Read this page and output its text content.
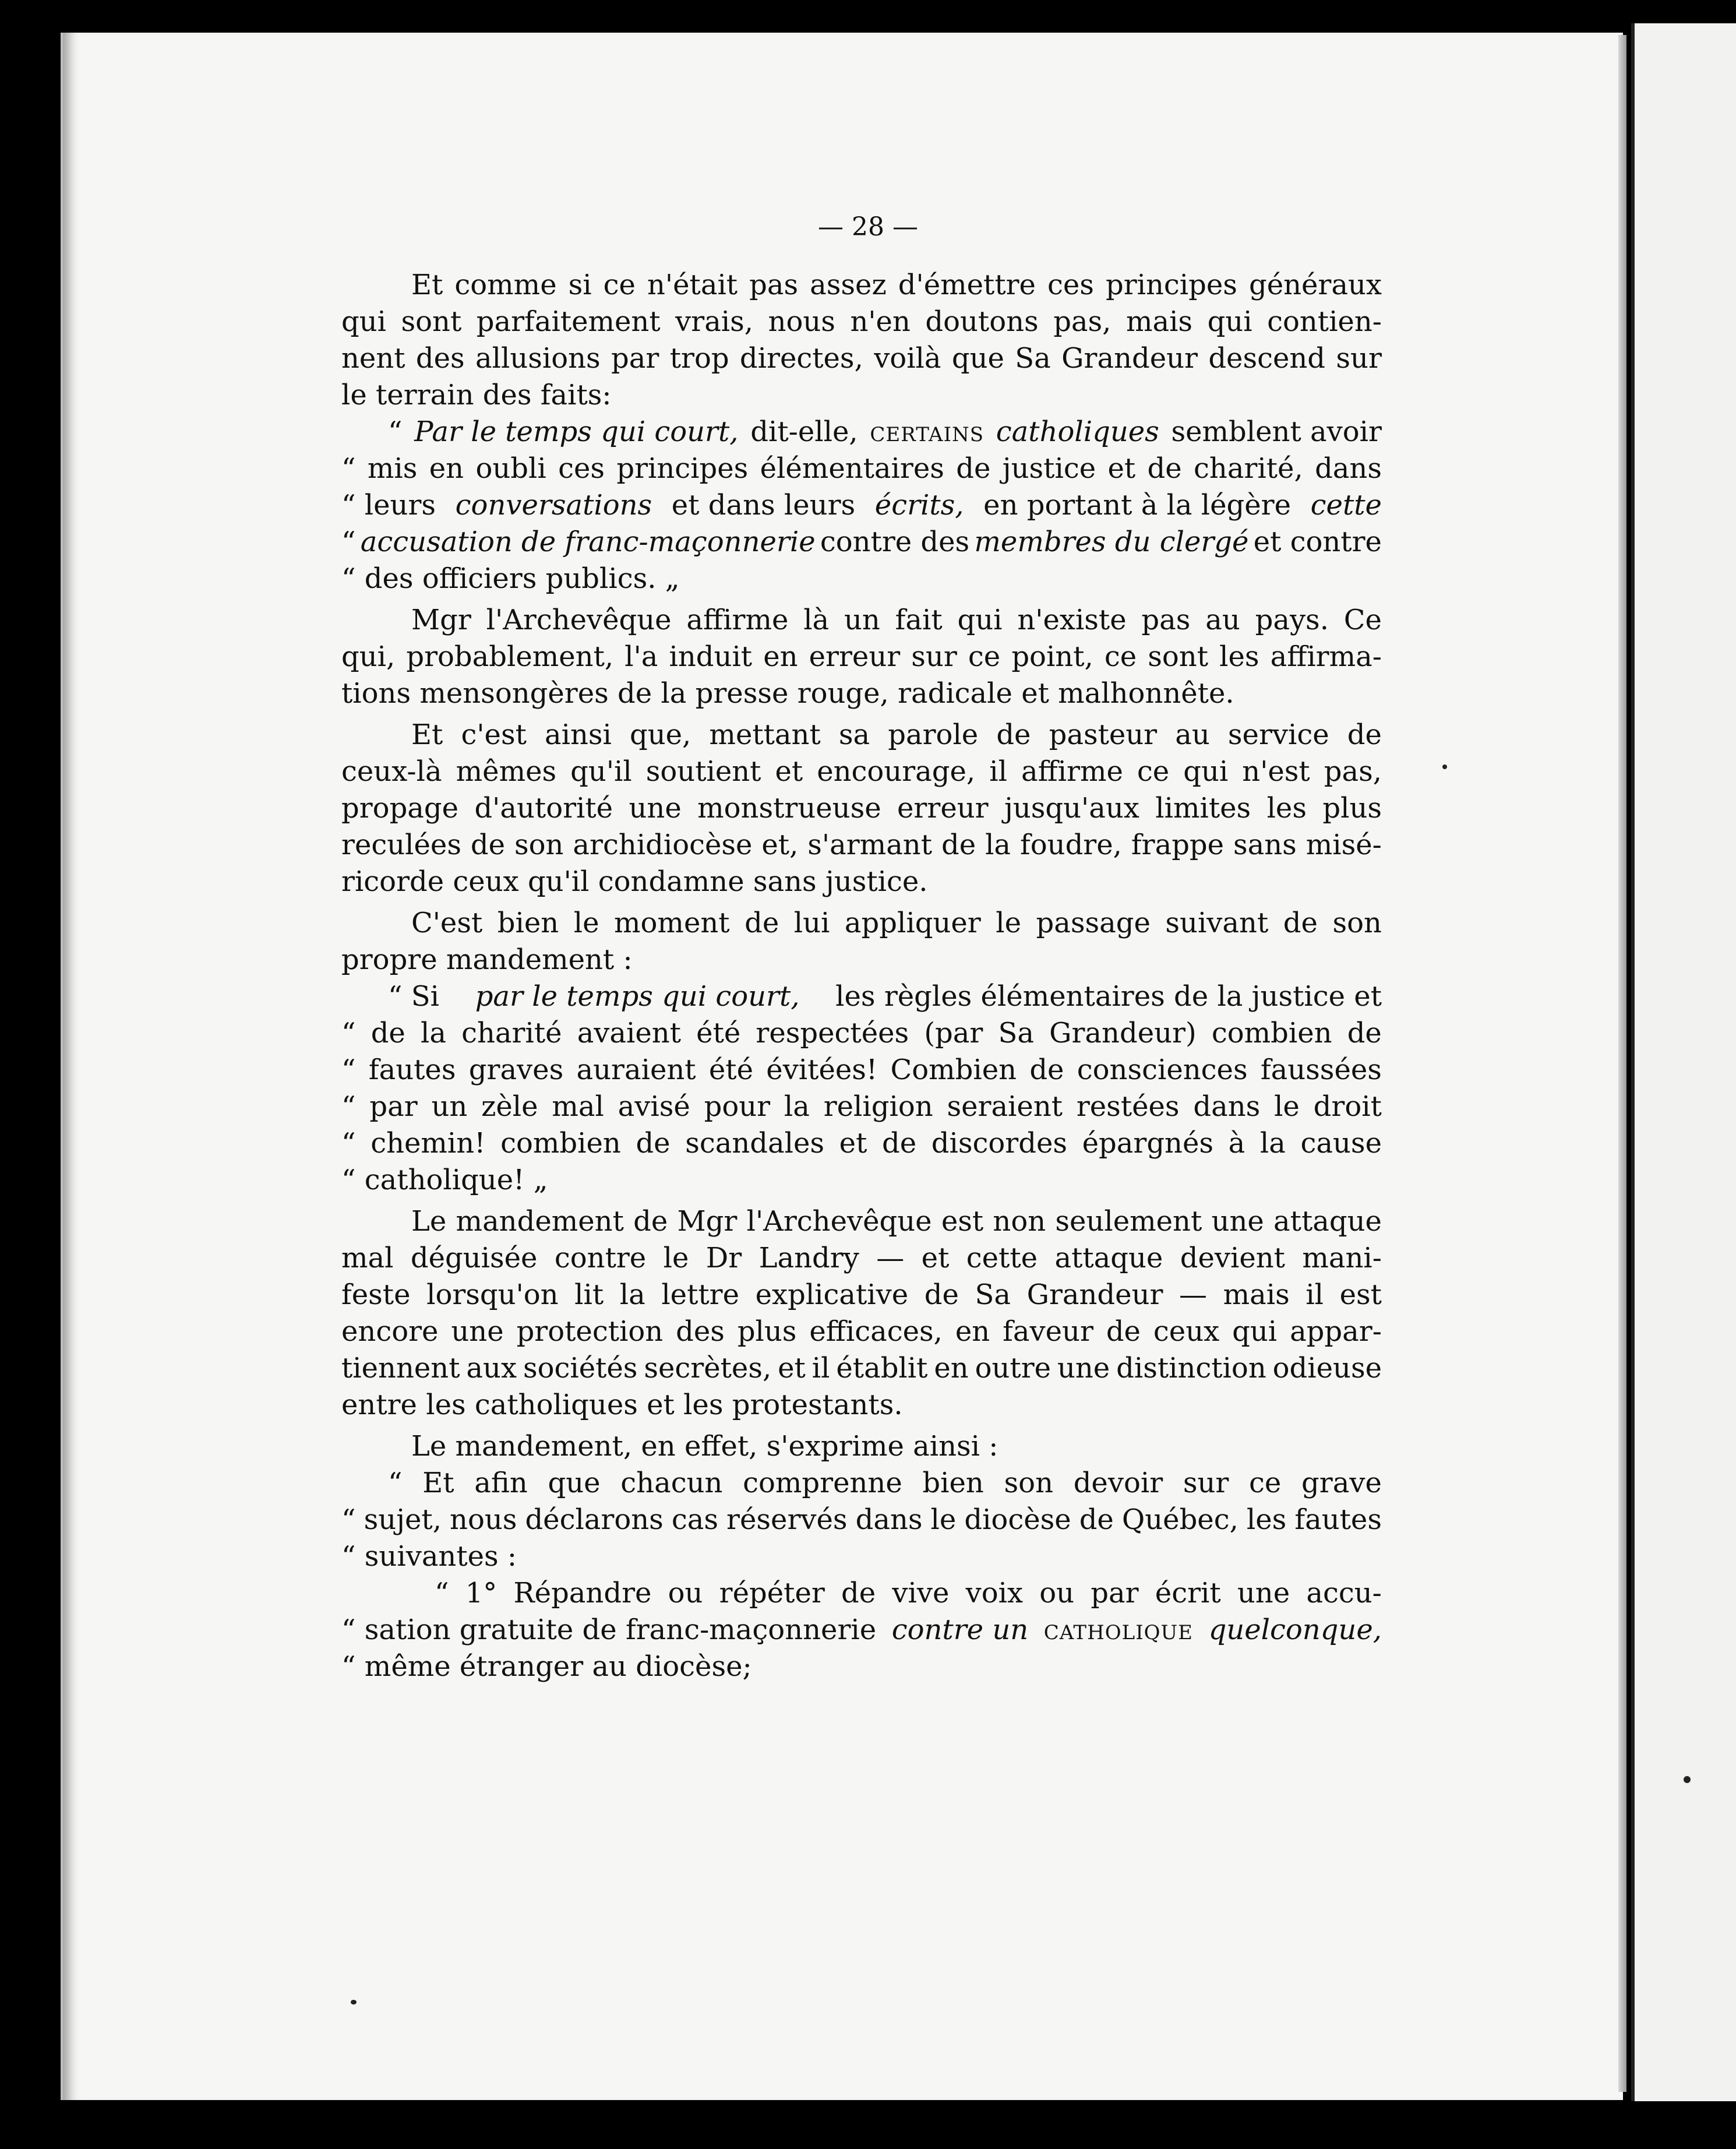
— 28 —
Et comme si ce n'était pas assez d'émettre ces principes généraux
qui sont parfaitement vrais, nous n'en doutons pas, mais qui contien-
nent des allusions par trop directes, voilà que Sa Grandeur descend sur
le terrain des faits:
“ Par le temps qui court, dit-elle, certains catholiques semblent avoir
“ mis en oubli ces principes élémentaires de justice et de charité, dans
“ leurs conversations et dans leurs écrits, en portant à la légère cette
“ accusation de franc-maçonnerie contre des membres du clergé et contre
“ des officiers publics. „
Mgr l'Archevêque affirme là un fait qui n'existe pas au pays. Ce
qui, probablement, l'a induit en erreur sur ce point, ce sont les affirma-
tions mensongères de la presse rouge, radicale et malhonnête.
Et c'est ainsi que, mettant sa parole de pasteur au service de
ceux-là mêmes qu'il soutient et encourage, il affirme ce qui n'est pas,
propage d'autorité une monstrueuse erreur jusqu'aux limites les plus
reculées de son archidiocèse et, s'armant de la foudre, frappe sans misé-
ricorde ceux qu'il condamne sans justice.
C'est bien le moment de lui appliquer le passage suivant de son
propre mandement :
“ Si par le temps qui court, les règles élémentaires de la justice et
“ de la charité avaient été respectées (par Sa Grandeur) combien de
“ fautes graves auraient été évitées! Combien de consciences faussées
“ par un zèle mal avisé pour la religion seraient restées dans le droit
“ chemin! combien de scandales et de discordes épargnés à la cause
“ catholique! „
Le mandement de Mgr l'Archevêque est non seulement une attaque
mal déguisée contre le Dr Landry — et cette attaque devient mani-
feste lorsqu'on lit la lettre explicative de Sa Grandeur — mais il est
encore une protection des plus efficaces, en faveur de ceux qui appar-
tiennent aux sociétés secrètes, et il établit en outre une distinction odieuse
entre les catholiques et les protestants.
Le mandement, en effet, s'exprime ainsi :
“ Et afin que chacun comprenne bien son devoir sur ce grave
“ sujet, nous déclarons cas réservés dans le diocèse de Québec, les fautes
“ suivantes :
“ 1° Répandre ou répéter de vive voix ou par écrit une accu-
“ sation gratuite de franc-maçonnerie contre un catholique quelconque,
“ même étranger au diocèse;
